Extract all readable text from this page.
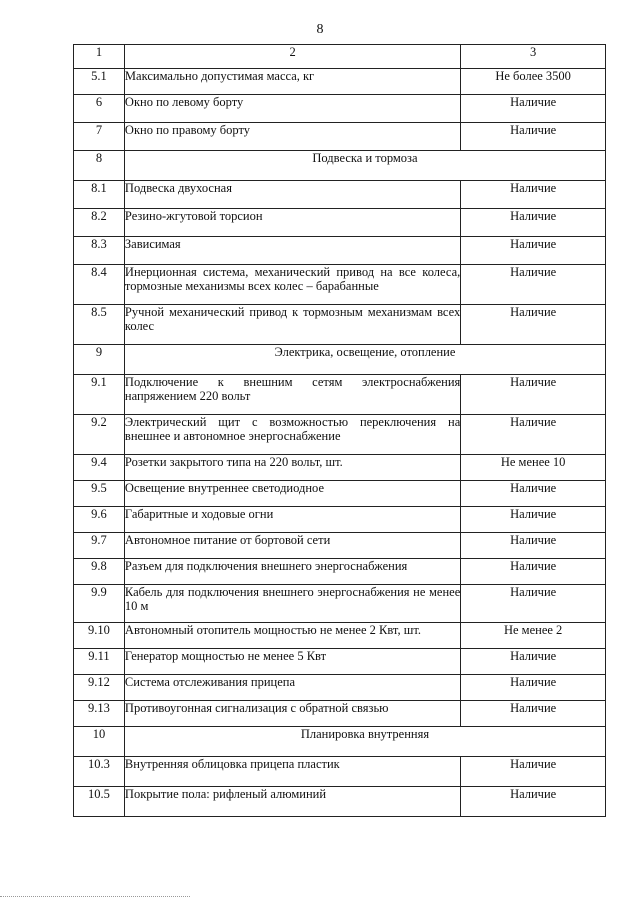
8
1	2	3
5.1	Максимально допустимая масса, кг	Не более 3500
6	Окно по левому борту	Наличие
7	Окно по правому борту	Наличие
8	Подвеска и тормоза	
8.1	Подвеска двухосная	Наличие
8.2	Резино-жгутовой торсион	Наличие
8.3	Зависимая	Наличие
8.4	Инерционная система, механический привод на все колеса, тормозные механизмы всех колес – барабанные	Наличие
8.5	Ручной механический привод к тормозным механизмам всех колес	Наличие
9	Электрика, освещение, отопление	
9.1	Подключение к внешним сетям электроснабжения напряжением 220 вольт	Наличие
9.2	Электрический щит с возможностью переключения на внешнее и автономное энергоснабжение	Наличие
9.4	Розетки закрытого типа на 220 вольт, шт.	Не менее 10
9.5	Освещение внутреннее светодиодное	Наличие
9.6	Габаритные и ходовые огни	Наличие
9.7	Автономное питание от бортовой сети	Наличие
9.8	Разъем для подключения внешнего энергоснабжения	Наличие
9.9	Кабель для подключения внешнего энергоснабжения не менее 10 м	Наличие
9.10	Автономный отопитель мощностью не менее 2 Квт, шт.	Не менее 2
9.11	Генератор мощностью не менее 5 Квт	Наличие
9.12	Система отслеживания прицепа	Наличие
9.13	Противоугонная сигнализация с обратной связью	Наличие
10	Планировка внутренняя	
10.3	Внутренняя облицовка прицепа пластик	Наличие
10.5	Покрытие пола: рифленый алюминий	Наличие
